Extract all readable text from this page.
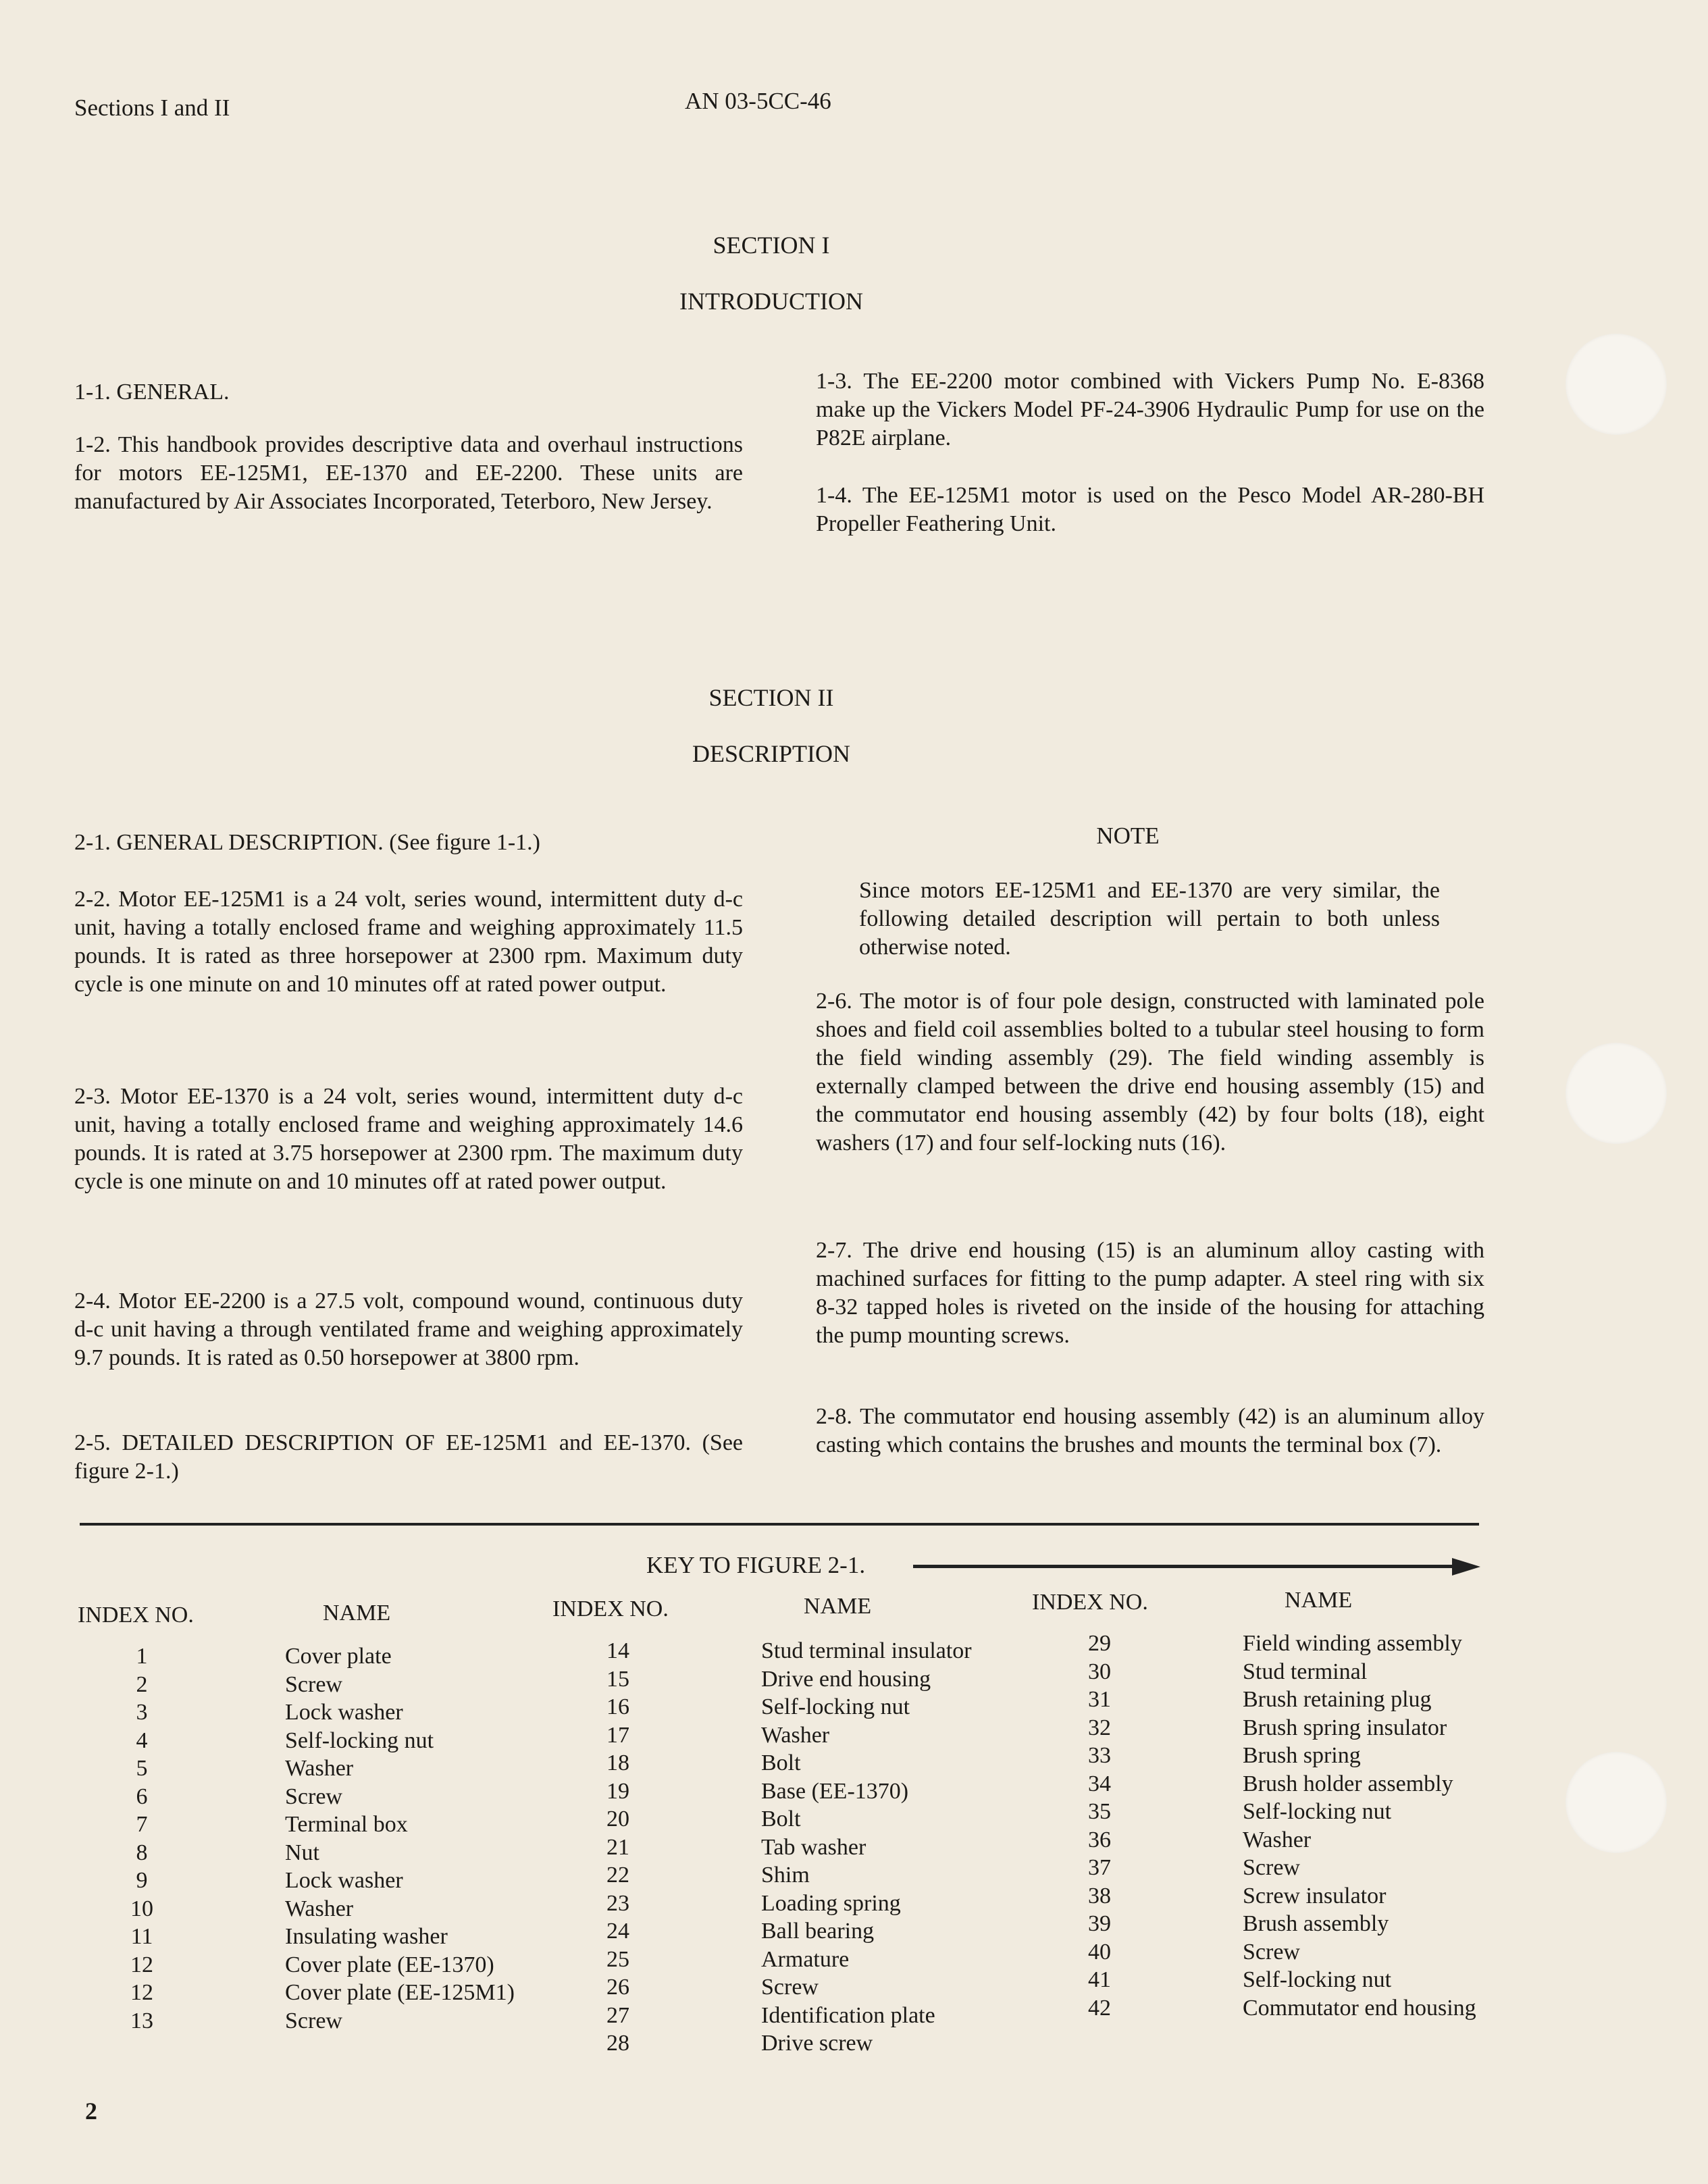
Sections I and II	AN 03-5CC-46
SECTION I
INTRODUCTION

1-1. GENERAL.

1-2. This handbook provides descriptive data and overhaul instructions for motors EE-125M1, EE-1370 and EE-2200. These units are manufactured by Air Associates Incorporated, Teterboro, New Jersey.

1-3. The EE-2200 motor combined with Vickers Pump No. E-8368 make up the Vickers Model PF-24-3906 Hydraulic Pump for use on the P82E airplane.

1-4. The EE-125M1 motor is used on the Pesco Model AR-280-BH Propeller Feathering Unit.

SECTION II
DESCRIPTION

2-1. GENERAL DESCRIPTION. (See figure 1-1.)

2-2. Motor EE-125M1 is a 24 volt, series wound, intermittent duty d-c unit, having a totally enclosed frame and weighing approximately 11.5 pounds. It is rated as three horsepower at 2300 rpm. Maximum duty cycle is one minute on and 10 minutes off at rated power output.

2-3. Motor EE-1370 is a 24 volt, series wound, intermittent duty d-c unit, having a totally enclosed frame and weighing approximately 14.6 pounds. It is rated at 3.75 horsepower at 2300 rpm. The maximum duty cycle is one minute on and 10 minutes off at rated power output.

2-4. Motor EE-2200 is a 27.5 volt, compound wound, continuous duty d-c unit having a through ventilated frame and weighing approximately 9.7 pounds. It is rated as 0.50 horsepower at 3800 rpm.

2-5. DETAILED DESCRIPTION OF EE-125M1 and EE-1370. (See figure 2-1.)

NOTE

Since motors EE-125M1 and EE-1370 are very similar, the following detailed description will pertain to both unless otherwise noted.

2-6. The motor is of four pole design, constructed with laminated pole shoes and field coil assemblies bolted to a tubular steel housing to form the field winding assembly (29). The field winding assembly is externally clamped between the drive end housing assembly (15) and the commutator end housing assembly (42) by four bolts (18), eight washers (17) and four self-locking nuts (16).

2-7. The drive end housing (15) is an aluminum alloy casting with machined surfaces for fitting to the pump adapter. A steel ring with six 8-32 tapped holes is riveted on the inside of the housing for attaching the pump mounting screws.

2-8. The commutator end housing assembly (42) is an aluminum alloy casting which contains the brushes and mounts the terminal box (7).

KEY TO FIGURE 2-1.
INDEX NO.	NAME	INDEX NO.	NAME	INDEX NO.	NAME
1	Cover plate
2	Screw
3	Lock washer
4	Self-locking nut
5	Washer
6	Screw
7	Terminal box
8	Nut
9	Lock washer
10	Washer
11	Insulating washer
12	Cover plate (EE-1370)
12	Cover plate (EE-125M1)
13	Screw
14	Stud terminal insulator
15	Drive end housing
16	Self-locking nut
17	Washer
18	Bolt
19	Base (EE-1370)
20	Bolt
21	Tab washer
22	Shim
23	Loading spring
24	Ball bearing
25	Armature
26	Screw
27	Identification plate
28	Drive screw
29	Field winding assembly
30	Stud terminal
31	Brush retaining plug
32	Brush spring insulator
33	Brush spring
34	Brush holder assembly
35	Self-locking nut
36	Washer
37	Screw
38	Screw insulator
39	Brush assembly
40	Screw
41	Self-locking nut
42	Commutator end housing
2
